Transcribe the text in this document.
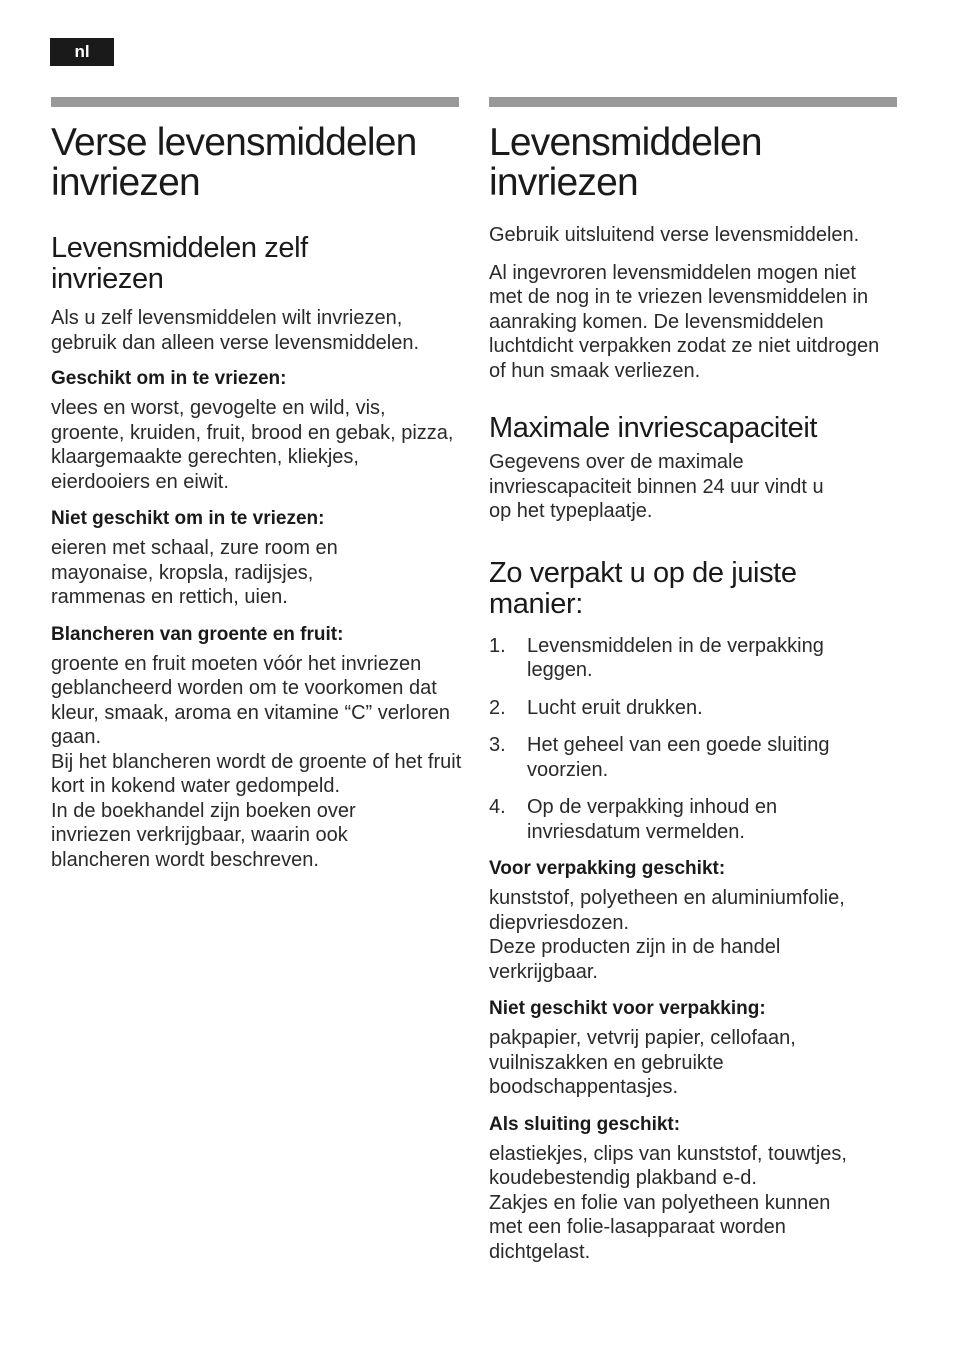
nl
Verse levensmiddelen invriezen
Levensmiddelen zelf invriezen

Als u zelf levensmiddelen wilt invriezen, gebruik dan alleen verse levensmiddelen.

Geschikt om in te vriezen:

vlees en worst, gevogelte en wild, vis, groente, kruiden, fruit, brood en gebak, pizza, klaargemaakte gerechten, kliekjes, eierdooiers en eiwit.

Niet geschikt om in te vriezen:

eieren met schaal, zure room en mayonaise, kropsla, radijsjes, rammenas en rettich, uien.

Blancheren van groente en fruit:

groente en fruit moeten vóór het invriezen geblancheerd worden om te voorkomen dat kleur, smaak, aroma en vitamine “C” verloren gaan.

Bij het blancheren wordt de groente of het fruit kort in kokend water gedompeld.

In de boekhandel zijn boeken over invriezen verkrijgbaar, waarin ook blancheren wordt beschreven.

Levensmiddelen invriezen

Gebruik uitsluitend verse levensmiddelen.

Al ingevroren levensmiddelen mogen niet met de nog in te vriezen levensmiddelen in aanraking komen. De levensmiddelen luchtdicht verpakken zodat ze niet uitdrogen of hun smaak verliezen.

Maximale invriescapaciteit

Gegevens over de maximale invriescapaciteit binnen 24 uur vindt u op het typeplaatje.

Zo verpakt u op de juiste manier:
1.	Levensmiddelen in de verpakking leggen.
2.	Lucht eruit drukken.
3.	Het geheel van een goede sluiting voorzien.
4.	Op de verpakking inhoud en invriesdatum vermelden.

Voor verpakking geschikt:

kunststof, polyetheen en aluminiumfolie, diepvriesdozen.

Deze producten zijn in de handel verkrijgbaar.

Niet geschikt voor verpakking:

pakpapier, vetvrij papier, cellofaan, vuilniszakken en gebruikte boodschappentasjes.

Als sluiting geschikt:

elastiekjes, clips van kunststof, touwtjes, koudebestendig plakband e-d.

Zakjes en folie van polyetheen kunnen met een folie-lasapparaat worden dichtgelast.
